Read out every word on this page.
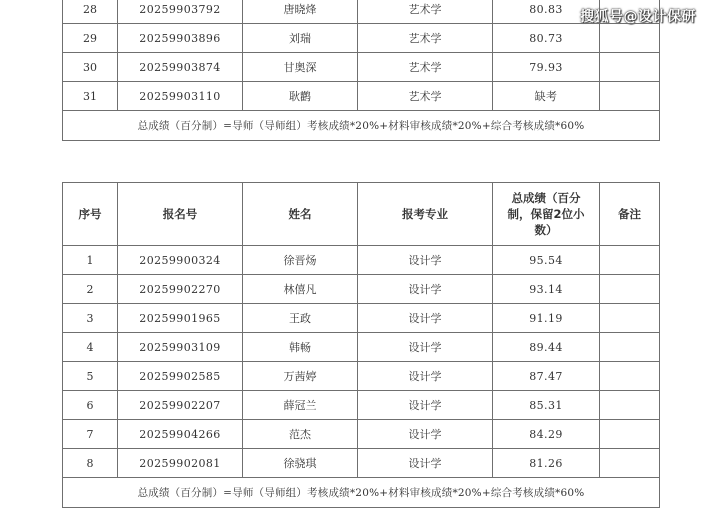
搜狐号@设计保研
28	20259903792	唐晓烽	艺术学	80.83	
29	20259903896	刘瑞	艺术学	80.73	
30	20259903874	甘奥深	艺术学	79.93	
31	20259903110	耿鹳	艺术学	缺考	
总成绩（百分制）=导师（导师组）考核成绩*20%+材料审核成绩*20%+综合考核成绩*60%					
序号	报名号	姓名	报考专业	总成绩（百分制，保留2位小数）	备注
1	20259900324	徐晋炀	设计学	95.54	
2	20259902270	林僖凡	设计学	93.14	
3	20259901965	王政	设计学	91.19	
4	20259903109	韩畅	设计学	89.44	
5	20259902585	万茜婷	设计学	87.47	
6	20259902207	薛冠兰	设计学	85.31	
7	20259904266	范杰	设计学	84.29	
8	20259902081	徐骁琪	设计学	81.26	
总成绩（百分制）=导师（导师组）考核成绩*20%+材料审核成绩*20%+综合考核成绩*60%					
